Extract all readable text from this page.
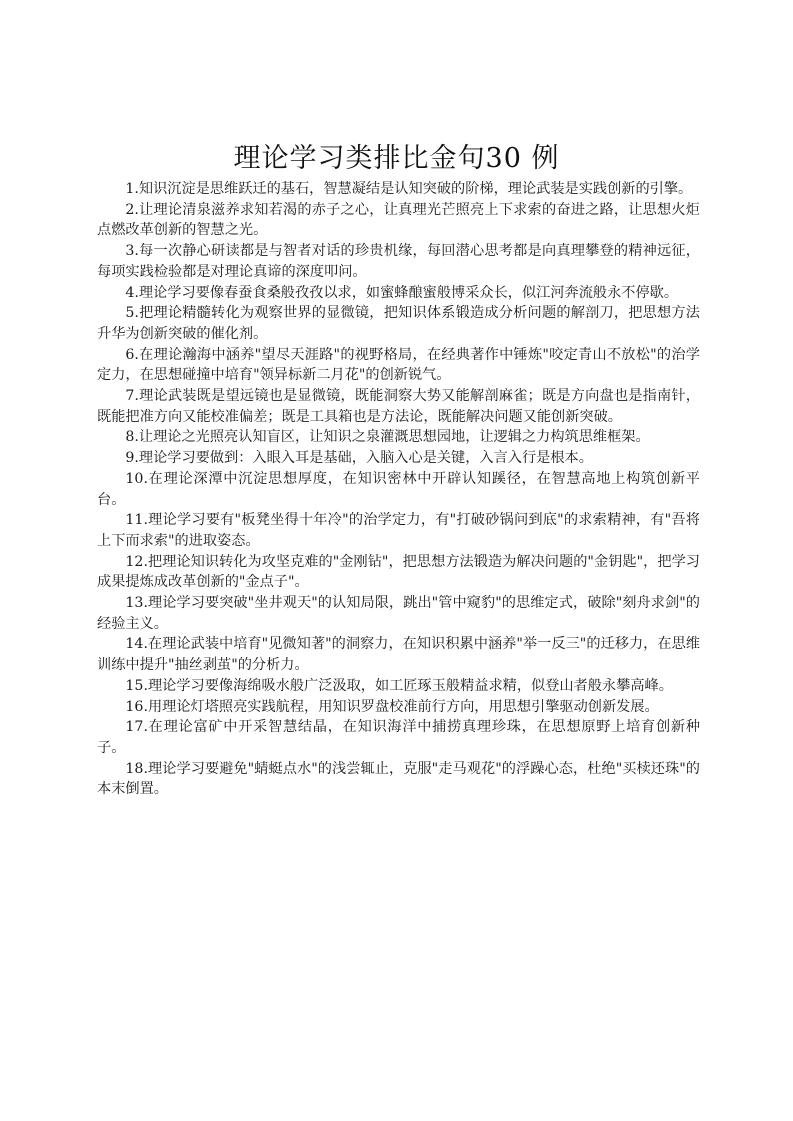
理论学习类排比金句30 例

1.知识沉淀是思维跃迁的基石，智慧凝结是认知突破的阶梯，理论武装是实践创新的引擎。

2.让理论清泉滋养求知若渴的赤子之心，让真理光芒照亮上下求索的奋进之路，让思想火炬点燃改革创新的智慧之光。

3.每一次静心研读都是与智者对话的珍贵机缘，每回潜心思考都是向真理攀登的精神远征，每项实践检验都是对理论真谛的深度叩问。

4.理论学习要像春蚕食桑般孜孜以求，如蜜蜂酿蜜般博采众长，似江河奔流般永不停歇。

5.把理论精髓转化为观察世界的显微镜，把知识体系锻造成分析问题的解剖刀，把思想方法升华为创新突破的催化剂。

6.在理论瀚海中涵养"望尽天涯路"的视野格局，在经典著作中锤炼"咬定青山不放松"的治学定力，在思想碰撞中培育"领异标新二月花"的创新锐气。

7.理论武装既是望远镜也是显微镜，既能洞察大势又能解剖麻雀；既是方向盘也是指南针，既能把准方向又能校准偏差；既是工具箱也是方法论，既能解决问题又能创新突破。

8.让理论之光照亮认知盲区，让知识之泉灌溉思想园地，让逻辑之力构筑思维框架。

9.理论学习要做到：入眼入耳是基础，入脑入心是关键，入言入行是根本。

10.在理论深潭中沉淀思想厚度，在知识密林中开辟认知蹊径，在智慧高地上构筑创新平台。

11.理论学习要有"板凳坐得十年冷"的治学定力，有"打破砂锅问到底"的求索精神，有"吾将上下而求索"的进取姿态。

12.把理论知识转化为攻坚克难的"金刚钻"，把思想方法锻造为解决问题的"金钥匙"，把学习成果提炼成改革创新的"金点子"。

13.理论学习要突破"坐井观天"的认知局限，跳出"管中窥豹"的思维定式，破除"刻舟求剑"的经验主义。

14.在理论武装中培育"见微知著"的洞察力，在知识积累中涵养"举一反三"的迁移力，在思维训练中提升"抽丝剥茧"的分析力。

15.理论学习要像海绵吸水般广泛汲取，如工匠琢玉般精益求精，似登山者般永攀高峰。

16.用理论灯塔照亮实践航程，用知识罗盘校准前行方向，用思想引擎驱动创新发展。

17.在理论富矿中开采智慧结晶，在知识海洋中捕捞真理珍珠，在思想原野上培育创新种子。

18.理论学习要避免"蜻蜓点水"的浅尝辄止，克服"走马观花"的浮躁心态，杜绝"买椟还珠"的本末倒置。
